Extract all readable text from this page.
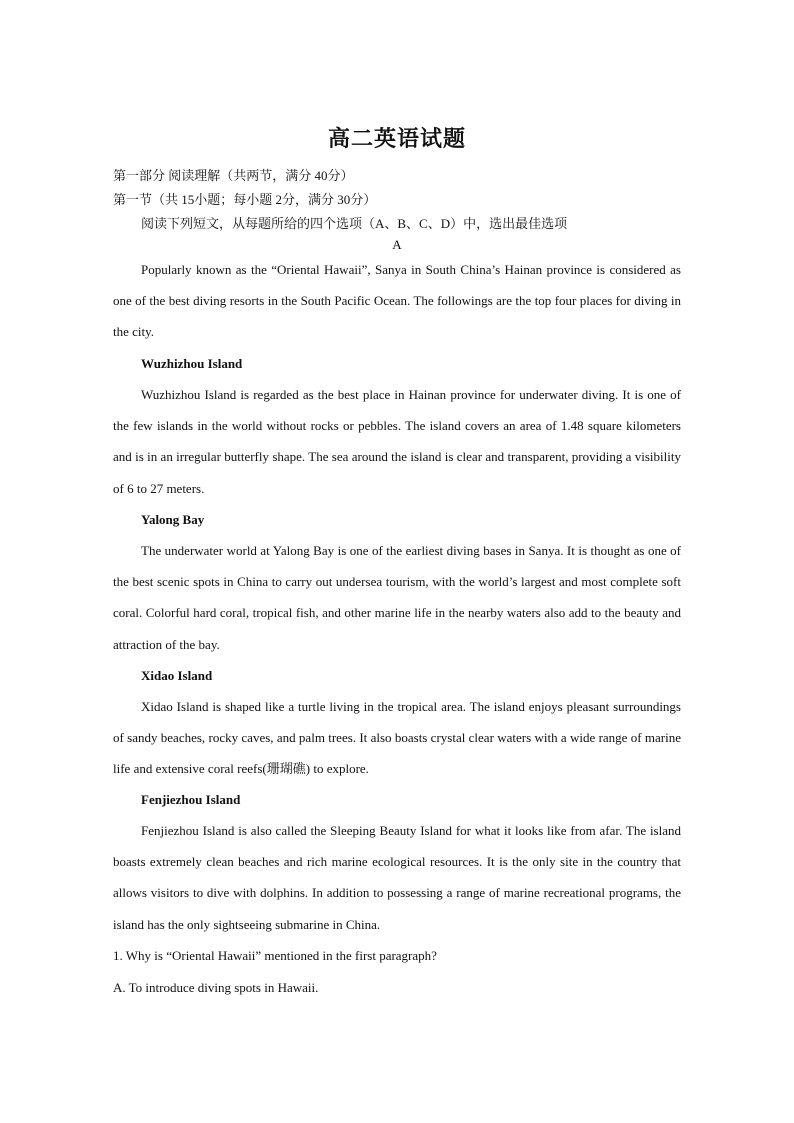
高二英语试题
第一部分 阅读理解（共两节，满分 40分）
第一节（共 15小题；每小题 2分，满分 30分）
阅读下列短文，从每题所给的四个选项（A、B、C、D）中，选出最佳选项
A

Popularly known as the “Oriental Hawaii”, Sanya in South China’s Hainan province is considered as one of the best diving resorts in the South Pacific Ocean. The followings are the top four places for diving in the city.

Wuzhizhou Island

Wuzhizhou Island is regarded as the best place in Hainan province for underwater diving. It is one of the few islands in the world without rocks or pebbles. The island covers an area of 1.48 square kilometers and is in an irregular butterfly shape. The sea around the island is clear and transparent, providing a visibility of 6 to 27 meters.

Yalong Bay

The underwater world at Yalong Bay is one of the earliest diving bases in Sanya. It is thought as one of the best scenic spots in China to carry out undersea tourism, with the world’s largest and most complete soft coral. Colorful hard coral, tropical fish, and other marine life in the nearby waters also add to the beauty and attraction of the bay.

Xidao Island

Xidao Island is shaped like a turtle living in the tropical area. The island enjoys pleasant surroundings of sandy beaches, rocky caves, and palm trees. It also boasts crystal clear waters with a wide range of marine life and extensive coral reefs(珊瑚礁) to explore.

Fenjiezhou Island

Fenjiezhou Island is also called the Sleeping Beauty Island for what it looks like from afar. The island boasts extremely clean beaches and rich marine ecological resources. It is the only site in the country that allows visitors to dive with dolphins. In addition to possessing a range of marine recreational programs, the island has the only sightseeing submarine in China.

1. Why is “Oriental Hawaii” mentioned in the first paragraph?
A. To introduce diving spots in Hawaii.
